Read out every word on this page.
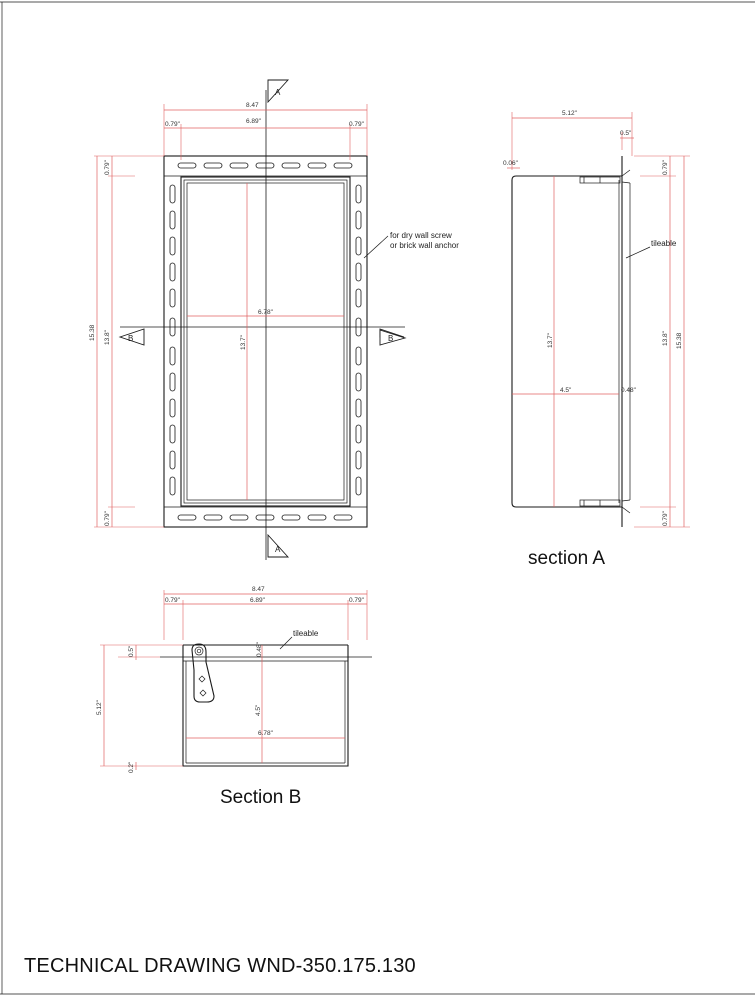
A
A
B	B
8.47
0.79"	6.89"	0.79"
15.38 13.8"
0.79"
0.79"
6.78"
13.7"
for dry wall screw
or brick wall anchor
5.12"
0.5"
0.06"
13.7"
4.5"	0.48"
0.79"
0.79"
13.8" 15.38
tileable
section A
8.47
0.79"	6.89"	0.79"
0.5"
5.12"
0.2"
0.48"
4.5"
6.78"
tileable
Section B
TECHNICAL DRAWING WND-350.175.130
